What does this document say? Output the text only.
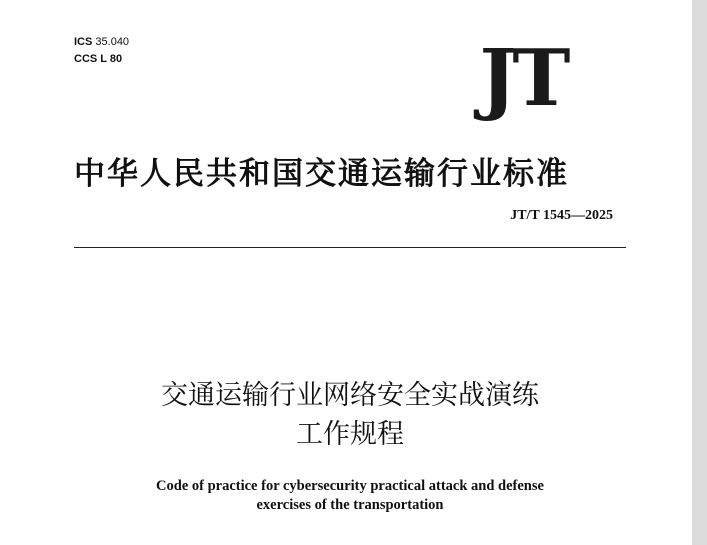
ICS 35.040
CCS L 80	JT
中华人民共和国交通运输行业标准
JT/T 1545—2025
交通运输行业网络安全实战演练
工作规程
Code of practice for cybersecurity practical attack and defense
exercises of the transportation
